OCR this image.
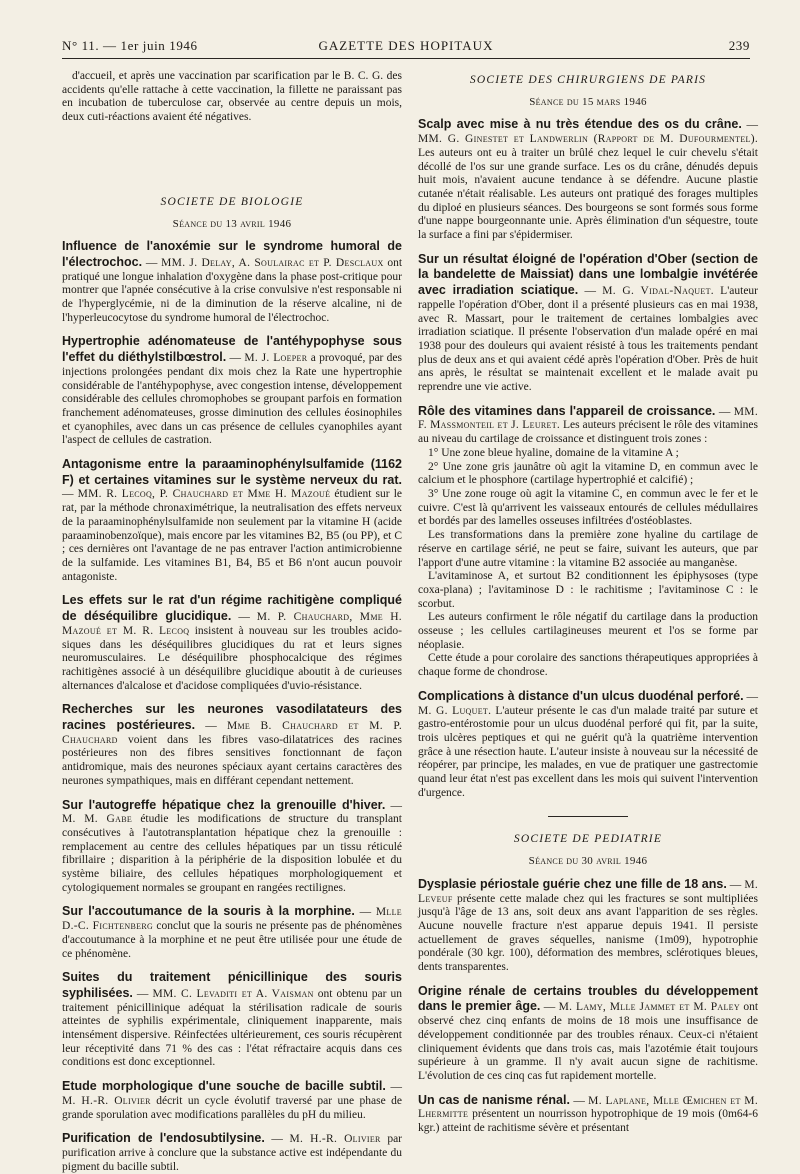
N° 11. — 1er juin 1946	GAZETTE DES HOPITAUX	239

d'accueil, et après une vaccination par scarification par le B. C. G. des accidents qu'elle rattache à cette vaccination, la fillette ne paraissant pas en incubation de tuberculose car, observée au centre depuis un mois, deux cuti-réactions avaient été négatives.

SOCIETE DE BIOLOGIE
Séance du 13 avril 1946

Influence de l'anoxémie sur le syndrome humoral de l'électrochoc. — MM. J. Delay, A. Soulairac et P. Desclaux ont pratiqué une longue inhalation d'oxygène dans la phase post-critique pour montrer que l'apnée consécutive à la crise convulsive n'est responsable ni de l'hyperglycémie, ni de la diminution de la réserve alcaline, ni de l'hyperleucocytose du syndrome humoral de l'électrochoc.

Hypertrophie adénomateuse de l'antéhypophyse sous l'effet du diéthylstilbœstrol. — M. J. Loeper a provoqué, par des injections prolongées pendant dix mois chez la Rate une hypertrophie considérable de l'antéhypophyse, avec congestion intense, développement considérable des cellules chromophobes se groupant parfois en formation franchement adénomateuses, grosse diminution des cellules éosinophiles et cyanophiles, avec dans un cas présence de cellules cyanophiles ayant l'aspect de cellules de castration.

Antagonisme entre la paraaminophénylsulfamide (1162 F) et certaines vitamines sur le système nerveux du rat. — MM. R. Lecoq, P. Chauchard et Mme H. Mazoué étudient sur le rat, par la méthode chronaximétrique, la neutralisation des effets nerveux de la paraaminophénylsulfamide non seulement par la vitamine H (acide paraaminobenzoïque), mais encore par les vitamines B2, B5 (ou PP), et C ; ces dernières ont l'avantage de ne pas entraver l'action antimicrobienne de la sulfamide. Les vitamines B1, B4, B5 et B6 n'ont aucun pouvoir antagoniste.

Les effets sur le rat d'un régime rachitigène compliqué de déséquilibre glucidique. — M. P. Chauchard, Mme H. Mazoué et M. R. Lecoq insistent à nouveau sur les troubles acido-siques dans les déséquilibres glucidiques du rat et leurs signes neuromusculaires. Le déséquilibre phosphocalcique des régimes rachitigènes associé à un déséquilibre glucidique aboutit à de curieuses alternances d'alcalose et d'acidose compliquées d'uvio-résistance.

Recherches sur les neurones vasodilatateurs des racines postérieures. — Mme B. Chauchard et M. P. Chauchard voient dans les fibres vaso-dilatatrices des racines postérieures non des fibres sensitives fonctionnant de façon antidromique, mais des neurones spéciaux ayant certains caractères des neurones sympathiques, mais en différant cependant nettement.

Sur l'autogreffe hépatique chez la grenouille d'hiver. — M. M. Gabe étudie les modifications de structure du transplant consécutives à l'autotransplantation hépatique chez la grenouille : remplacement au centre des cellules hépatiques par un tissu réticulé fibrillaire ; disparition à la périphérie de la disposition lobulée et du système biliaire, des cellules hépatiques morphologiquement et cytologiquement normales se groupant en rangées rectilignes.

Sur l'accoutumance de la souris à la morphine. — Mlle D.-C. Fichtenberg conclut que la souris ne présente pas de phénomènes d'accoutumance à la morphine et ne peut être utilisée pour une étude de ce phénomène.

Suites du traitement pénicillinique des souris syphilisées. — MM. C. Levaditi et A. Vaisman ont obtenu par un traitement pénicillinique adéquat la stérilisation radicale de souris atteintes de syphilis expérimentale, cliniquement inapparente, mais intensément dispersive. Réinfectées ultérieurement, ces souris récupèrent leur réceptivité dans 71 % des cas : l'état réfractaire acquis dans ces conditions est donc exceptionnel.

Etude morphologique d'une souche de bacille subtil. — M. H.-R. Olivier décrit un cycle évolutif traversé par une phase de grande sporulation avec modifications parallèles du pH du milieu.

Purification de l'endosubtilysine. — M. H.-R. Olivier par purification arrive à conclure que la substance active est indépendante du pigment du bacille subtil.

SOCIETE DES CHIRURGIENS DE PARIS
Séance du 15 mars 1946

Scalp avec mise à nu très étendue des os du crâne. — MM. G. Ginestet et Landwerlin (Rapport de M. Dufourmentel). Les auteurs ont eu à traiter un brûlé chez lequel le cuir chevelu s'était décollé de l'os sur une grande surface. Les os du crâne, dénudés depuis huit mois, n'avaient aucune tendance à se défendre. Aucune plastie cutanée n'était réalisable. Les auteurs ont pratiqué des forages multiples du diploé en plusieurs séances. Des bourgeons se sont formés sous forme d'une nappe bourgeonnante unie. Après élimination d'un séquestre, toute la surface a fini par s'épidermiser.

Sur un résultat éloigné de l'opération d'Ober (section de la bandelette de Maissiat) dans une lombalgie invétérée avec irradiation sciatique. — M. G. Vidal-Naquet. L'auteur rappelle l'opération d'Ober, dont il a présenté plusieurs cas en mai 1938, avec R. Massart, pour le traitement de certaines lombalgies avec irradiation sciatique. Il présente l'observation d'un malade opéré en mai 1938 pour des douleurs qui avaient résisté à tous les traitements pendant plus de deux ans et qui avaient cédé après l'opération d'Ober. Près de huit ans après, le résultat se maintenait excellent et le malade avait pu reprendre une vie active.

Rôle des vitamines dans l'appareil de croissance. — MM. F. Massmonteil et J. Leuret. Les auteurs précisent le rôle des vitamines au niveau du cartilage de croissance et distinguent trois zones :

1° Une zone bleue hyaline, domaine de la vitamine A ;

2° Une zone gris jaunâtre où agit la vitamine D, en commun avec le calcium et le phosphore (cartilage hypertrophié et calcifié) ;

3° Une zone rouge où agit la vitamine C, en commun avec le fer et le cuivre. C'est là qu'arrivent les vaisseaux entourés de cellules médullaires et bordés par des lamelles osseuses infiltrées d'ostéoblastes.

Les transformations dans la première zone hyaline du cartilage de réserve en cartilage sérié, ne peut se faire, suivant les auteurs, que par l'apport d'une autre vitamine : la vitamine B2 associée au manganèse.

L'avitaminose A, et surtout B2 conditionnent les épiphysoses (type coxa-plana) ; l'avitaminose D : le rachitisme ; l'avitaminose C : le scorbut.

Les auteurs confirment le rôle négatif du cartilage dans la production osseuse ; les cellules cartilagineuses meurent et l'os se forme par néoplasie.

Cette étude a pour corolaire des sanctions thérapeutiques appropriées à chaque forme de chondrose.

Complications à distance d'un ulcus duodénal perforé. — M. G. Luquet. L'auteur présente le cas d'un malade traité par suture et gastro-entérostomie pour un ulcus duodénal perforé qui fit, par la suite, trois ulcères peptiques et qui ne guérit qu'à la quatrième intervention grâce à une résection haute. L'auteur insiste à nouveau sur la nécessité de réopérer, par principe, les malades, en vue de pratiquer une gastrectomie quand leur état n'est pas excellent dans les mois qui suivent l'intervention d'urgence.

SOCIETE DE PEDIATRIE
Séance du 30 avril 1946

Dysplasie périostale guérie chez une fille de 18 ans. — M. Leveuf présente cette malade chez qui les fractures se sont multipliées jusqu'à l'âge de 13 ans, soit deux ans avant l'apparition de ses règles. Aucune nouvelle fracture n'est apparue depuis 1941. Il persiste actuellement de graves séquelles, nanisme (1m09), hypotrophie pondérale (30 kgr. 100), déformation des membres, sclérotiques bleues, dents transparentes.

Origine rénale de certains troubles du développement dans le premier âge. — M. Lamy, Mlle Jammet et M. Paley ont observé chez cinq enfants de moins de 18 mois une insuffisance de développement conditionnée par des troubles rénaux. Ceux-ci n'étaient cliniquement évidents que dans trois cas, mais l'azotémie était toujours supérieure à un gramme. Il n'y avait aucun signe de rachitisme. L'évolution de ces cinq cas fut rapidement mortelle.

Un cas de nanisme rénal. — M. Laplane, Mlle Œmichen et M. Lhermitte présentent un nourrisson hypotrophique de 19 mois (0m64-6 kgr.) atteint de rachitisme sévère et présentant
